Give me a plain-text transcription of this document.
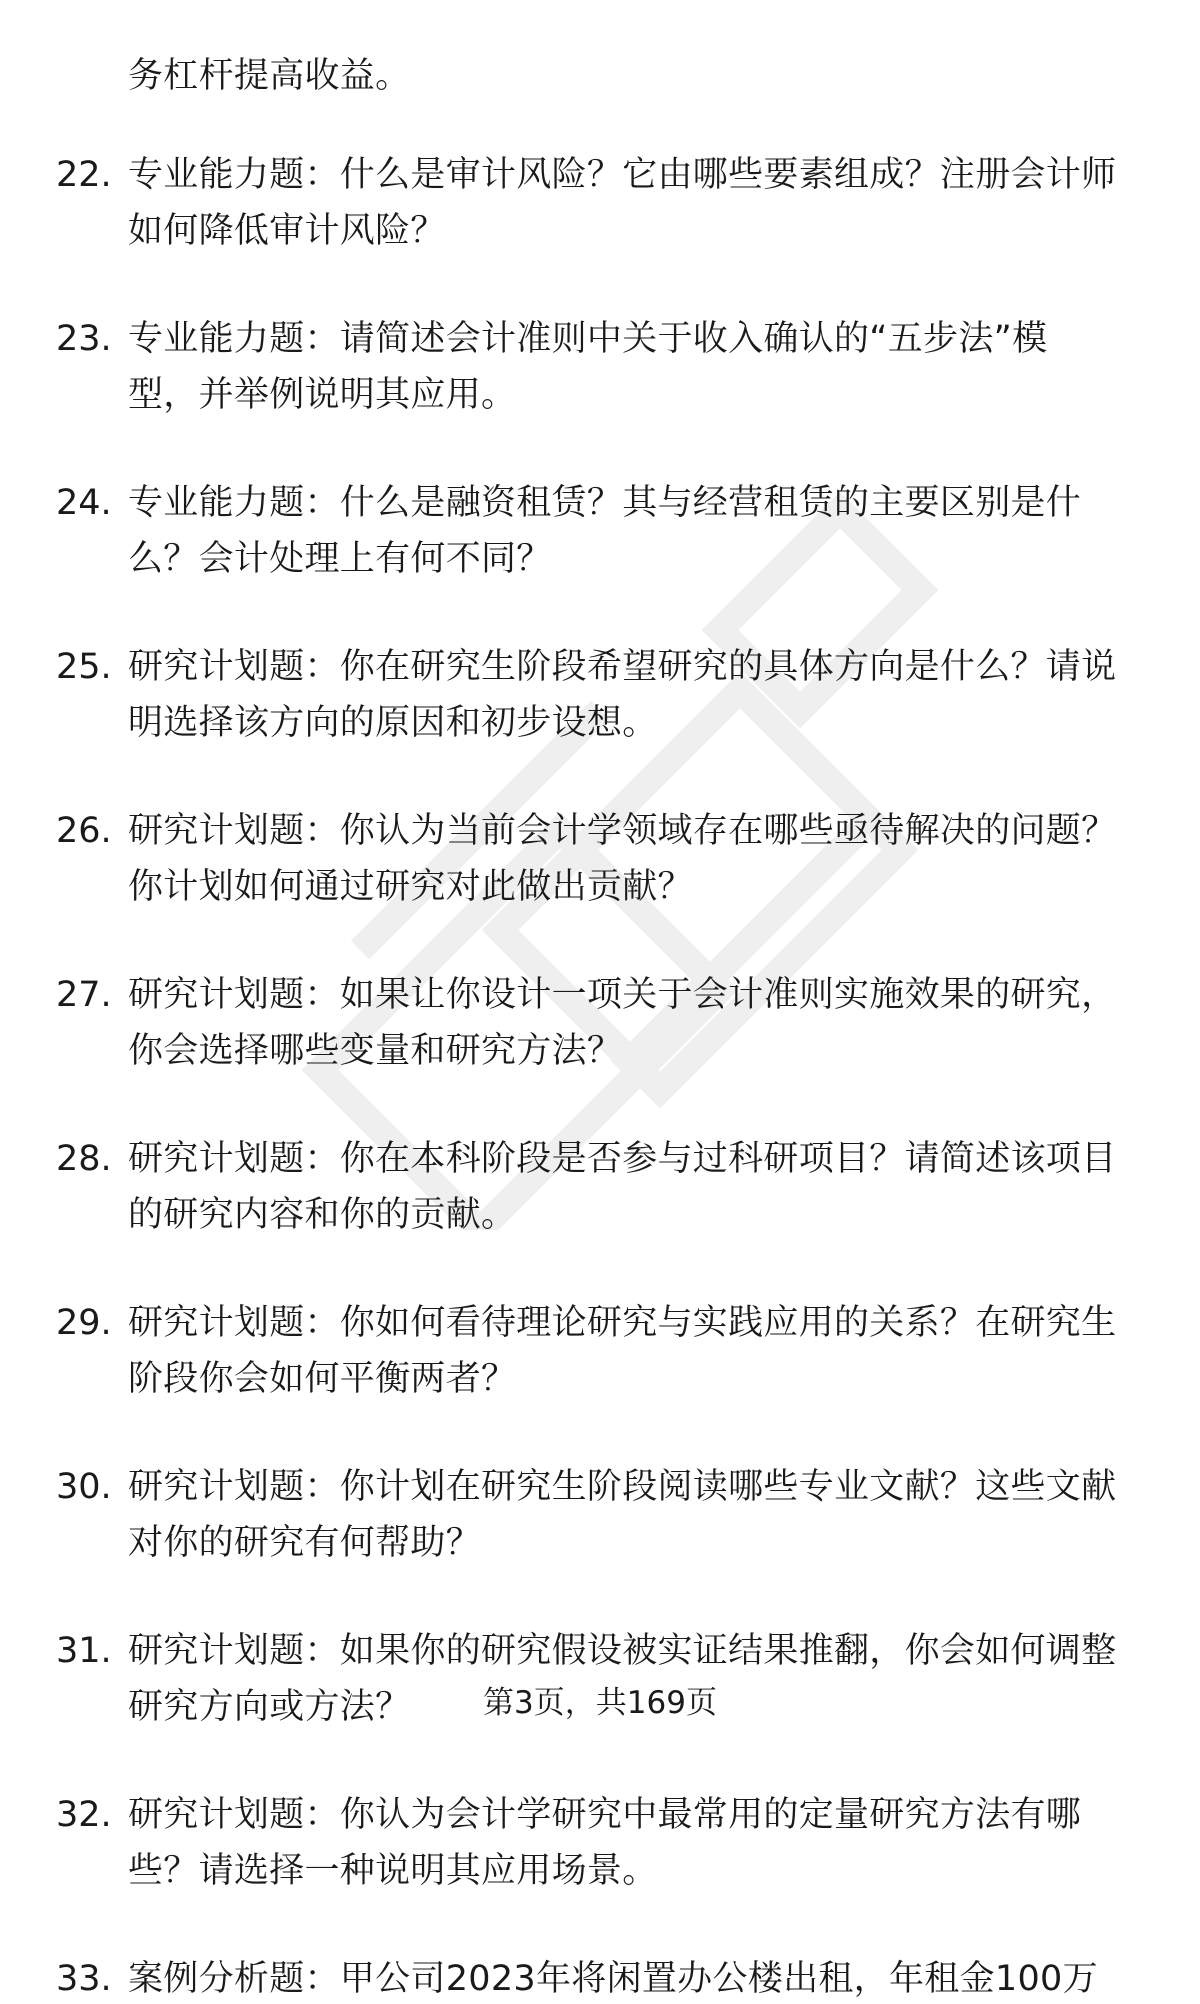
务杠杆提高收益。
22. 专业能力题：什么是审计风险？它由哪些要素组成？注册会计师
如何降低审计风险？
23. 专业能力题：请简述会计准则中关于收入确认的“五步法”模
型，并举例说明其应用。
24. 专业能力题：什么是融资租赁？其与经营租赁的主要区别是什
么？会计处理上有何不同？
25. 研究计划题：你在研究生阶段希望研究的具体方向是什么？请说
明选择该方向的原因和初步设想。
26. 研究计划题：你认为当前会计学领域存在哪些亟待解决的问题？
你计划如何通过研究对此做出贡献？
27. 研究计划题：如果让你设计一项关于会计准则实施效果的研究，
你会选择哪些变量和研究方法？
28. 研究计划题：你在本科阶段是否参与过科研项目？请简述该项目
的研究内容和你的贡献。
29. 研究计划题：你如何看待理论研究与实践应用的关系？在研究生
阶段你会如何平衡两者？
30. 研究计划题：你计划在研究生阶段阅读哪些专业文献？这些文献
对你的研究有何帮助？
31. 研究计划题：如果你的研究假设被实证结果推翻，你会如何调整
研究方向或方法？
32. 研究计划题：你认为会计学研究中最常用的定量研究方法有哪
些？请选择一种说明其应用场景。
33. 案例分析题：甲公司2023年将闲置办公楼出租，年租金100万
第3页，共169页
